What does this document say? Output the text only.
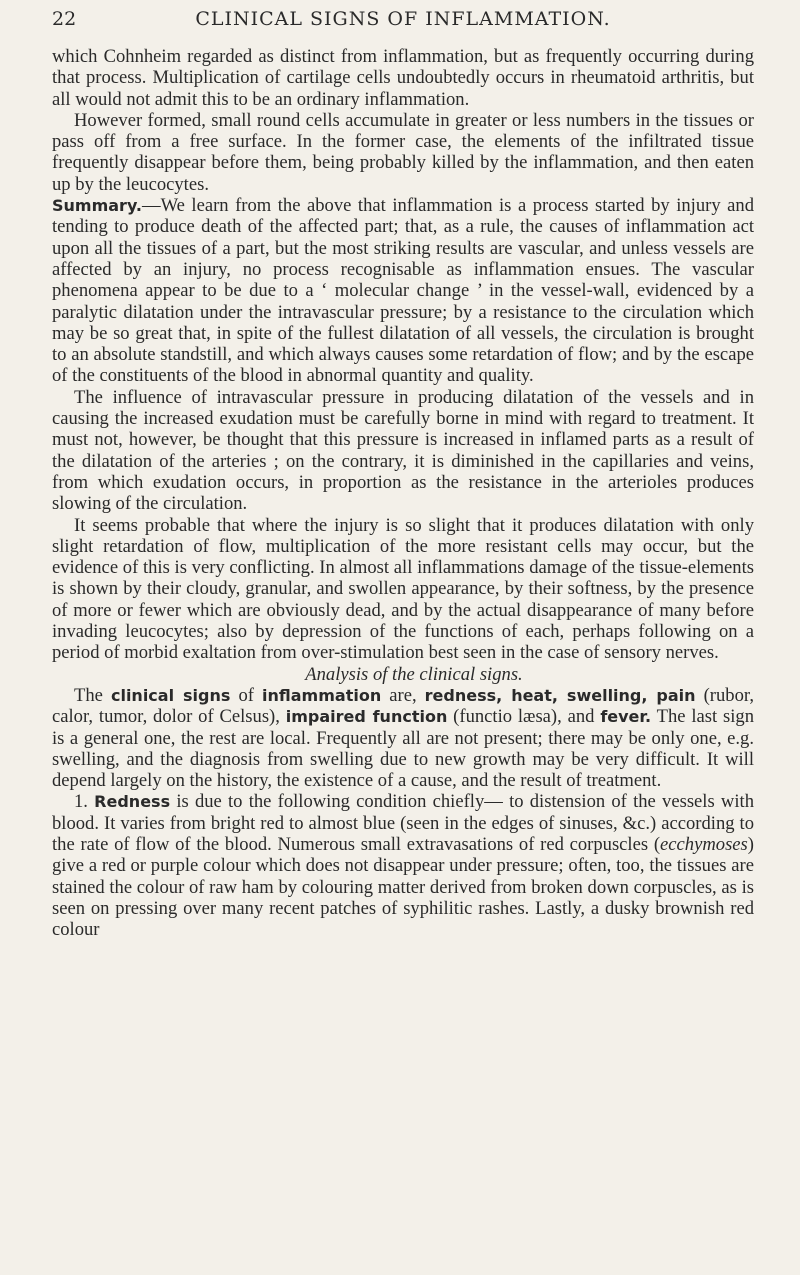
22	CLINICAL SIGNS OF INFLAMMATION.

which Cohnheim regarded as distinct from inflammation, but as frequently occurring during that process. Multiplication of cartilage cells undoubtedly occurs in rheumatoid arthritis, but all would not admit this to be an ordinary inflammation.

However formed, small round cells accumulate in greater or less numbers in the tissues or pass off from a free surface. In the former case, the elements of the infiltrated tissue frequently disappear before them, being probably killed by the inflammation, and then eaten up by the leucocytes.

Summary.—We learn from the above that inflammation is a process started by injury and tending to produce death of the affected part; that, as a rule, the causes of inflammation act upon all the tissues of a part, but the most striking results are vascular, and unless vessels are affected by an injury, no process recognisable as inflammation ensues. The vascular phenomena appear to be due to a ‘ molecular change ’ in the vessel-wall, evidenced by a paralytic dilatation under the intravascular pressure; by a resistance to the circulation which may be so great that, in spite of the fullest dilatation of all vessels, the circulation is brought to an absolute standstill, and which always causes some retardation of flow; and by the escape of the constituents of the blood in abnormal quantity and quality.

The influence of intravascular pressure in producing dilatation of the vessels and in causing the increased exudation must be carefully borne in mind with regard to treatment. It must not, however, be thought that this pressure is increased in inflamed parts as a result of the dilatation of the arteries ; on the contrary, it is diminished in the capillaries and veins, from which exudation occurs, in proportion as the resistance in the arterioles produces slowing of the circulation.

It seems probable that where the injury is so slight that it produces dilatation with only slight retardation of flow, multiplication of the more resistant cells may occur, but the evidence of this is very conflicting. In almost all inflammations damage of the tissue-elements is shown by their cloudy, granular, and swollen appearance, by their softness, by the presence of more or fewer which are obviously dead, and by the actual disappearance of many before invading leucocytes; also by depression of the functions of each, perhaps following on a period of morbid exaltation from over-stimulation best seen in the case of sensory nerves.

Analysis of the clinical signs.

The clinical signs of inflammation are, redness, heat, swelling, pain (rubor, calor, tumor, dolor of Celsus), impaired function (functio læsa), and fever. The last sign is a general one, the rest are local. Frequently all are not present; there may be only one, e.g. swelling, and the diagnosis from swelling due to new growth may be very difficult. It will depend largely on the history, the existence of a cause, and the result of treatment.

1. Redness is due to the following condition chiefly— to distension of the vessels with blood. It varies from bright red to almost blue (seen in the edges of sinuses, &c.) according to the rate of flow of the blood. Numerous small extravasations of red corpuscles (ecchymoses) give a red or purple colour which does not disappear under pressure; often, too, the tissues are stained the colour of raw ham by colouring matter derived from broken down corpuscles, as is seen on pressing over many recent patches of syphilitic rashes. Lastly, a dusky brownish red colour
